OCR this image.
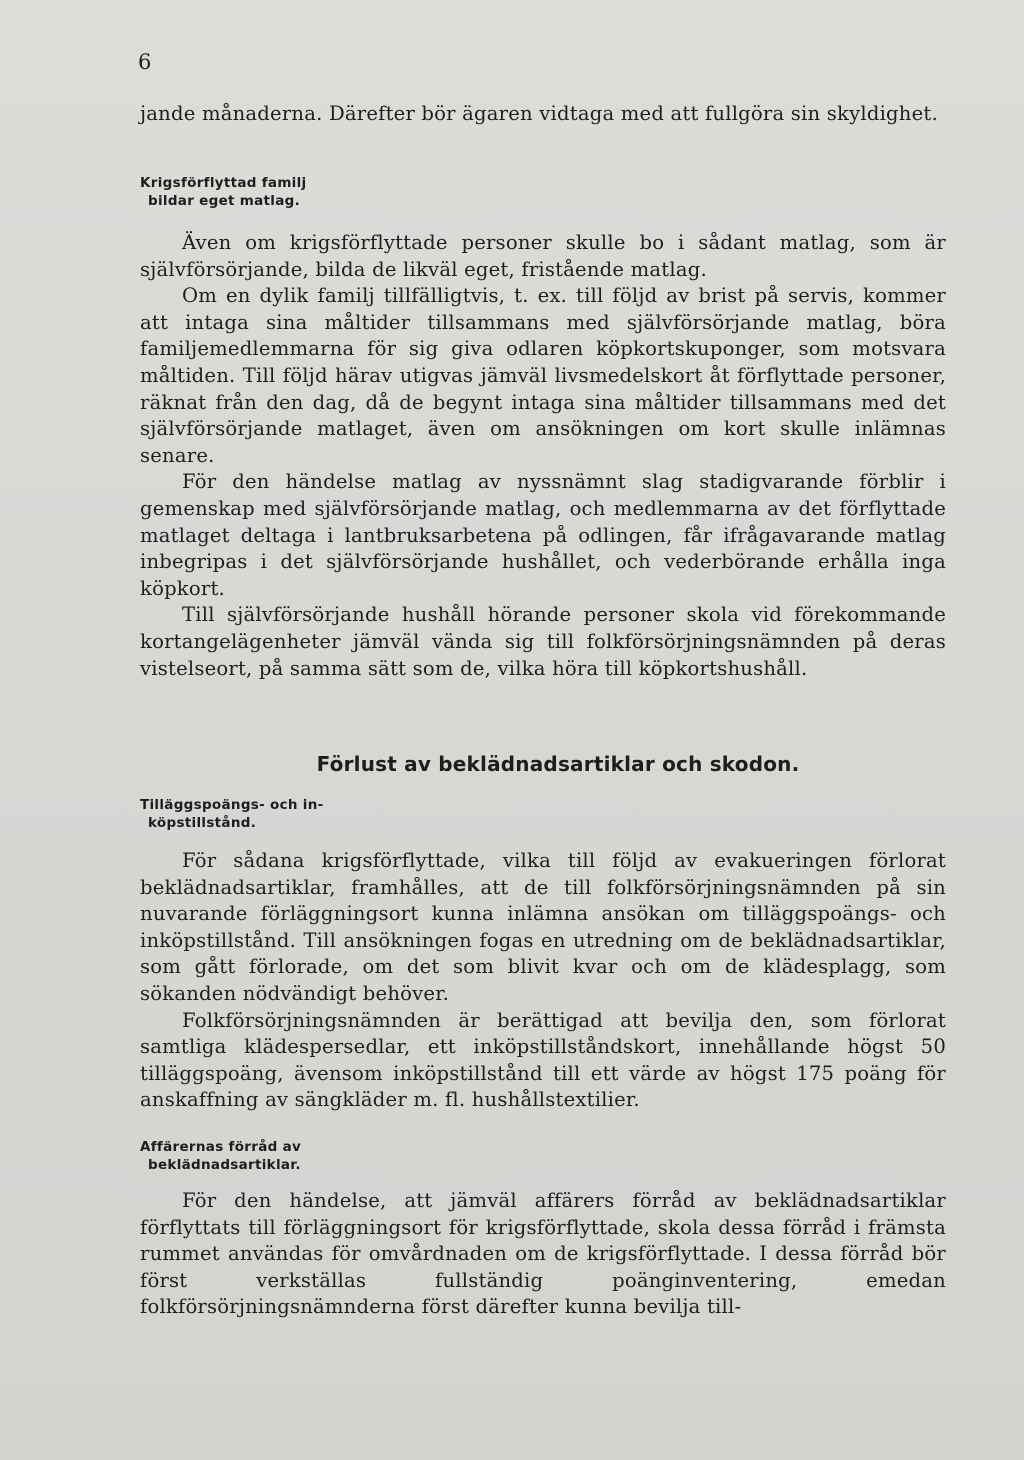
6

jande månaderna. Därefter bör ägaren vidtaga med att fullgöra sin skyldighet.

Krigsförflyttad familj
bildar eget matlag.

Även om krigsförflyttade personer skulle bo i sådant matlag, som är självförsörjande, bilda de likväl eget, fristående matlag.

Om en dylik familj tillfälligtvis, t. ex. till följd av brist på servis, kommer att intaga sina måltider tillsammans med självförsörjande matlag, böra familjemedlemmarna för sig giva odlaren köpkortskuponger, som motsvara måltiden. Till följd härav utigvas jämväl livsmedelskort åt förflyttade personer, räknat från den dag, då de begynt intaga sina måltider tillsammans med det självförsörjande matlaget, även om ansökningen om kort skulle inlämnas senare.

För den händelse matlag av nyssnämnt slag stadigvarande förblir i gemenskap med självförsörjande matlag, och medlemmarna av det förflyttade matlaget deltaga i lantbruksarbetena på odlingen, får ifrågavarande matlag inbegripas i det självförsörjande hushållet, och vederbörande erhålla inga köpkort.

Till självförsörjande hushåll hörande personer skola vid förekommande kortangelägenheter jämväl vända sig till folkförsörjningsnämnden på deras vistelseort, på samma sätt som de, vilka höra till köpkortshushåll.

Förlust av beklädnadsartiklar och skodon.
Tilläggspoängs- och in-
köpstillstånd.

För sådana krigsförflyttade, vilka till följd av evakueringen förlorat beklädnadsartiklar, framhålles, att de till folkförsörjningsnämnden på sin nuvarande förläggningsort kunna inlämna ansökan om tilläggspoängs- och inköpstillstånd. Till ansökningen fogas en utredning om de beklädnadsartiklar, som gått förlorade, om det som blivit kvar och om de klädesplagg, som sökanden nödvändigt behöver.

Folkförsörjningsnämnden är berättigad att bevilja den, som förlorat samtliga klädespersedlar, ett inköpstillståndskort, innehållande högst 50 tilläggspoäng, ävensom inköpstillstånd till ett värde av högst 175 poäng för anskaffning av sängkläder m. fl. hushållstextilier.

Affärernas förråd av
beklädnadsartiklar.

För den händelse, att jämväl affärers förråd av beklädnadsartiklar förflyttats till förläggningsort för krigsförflyttade, skola dessa förråd i främsta rummet användas för omvårdnaden om de krigsförflyttade. I dessa förråd bör först verkställas fullständig poänginventering, emedan folkförsörjningsnämnderna först därefter kunna bevilja till-
